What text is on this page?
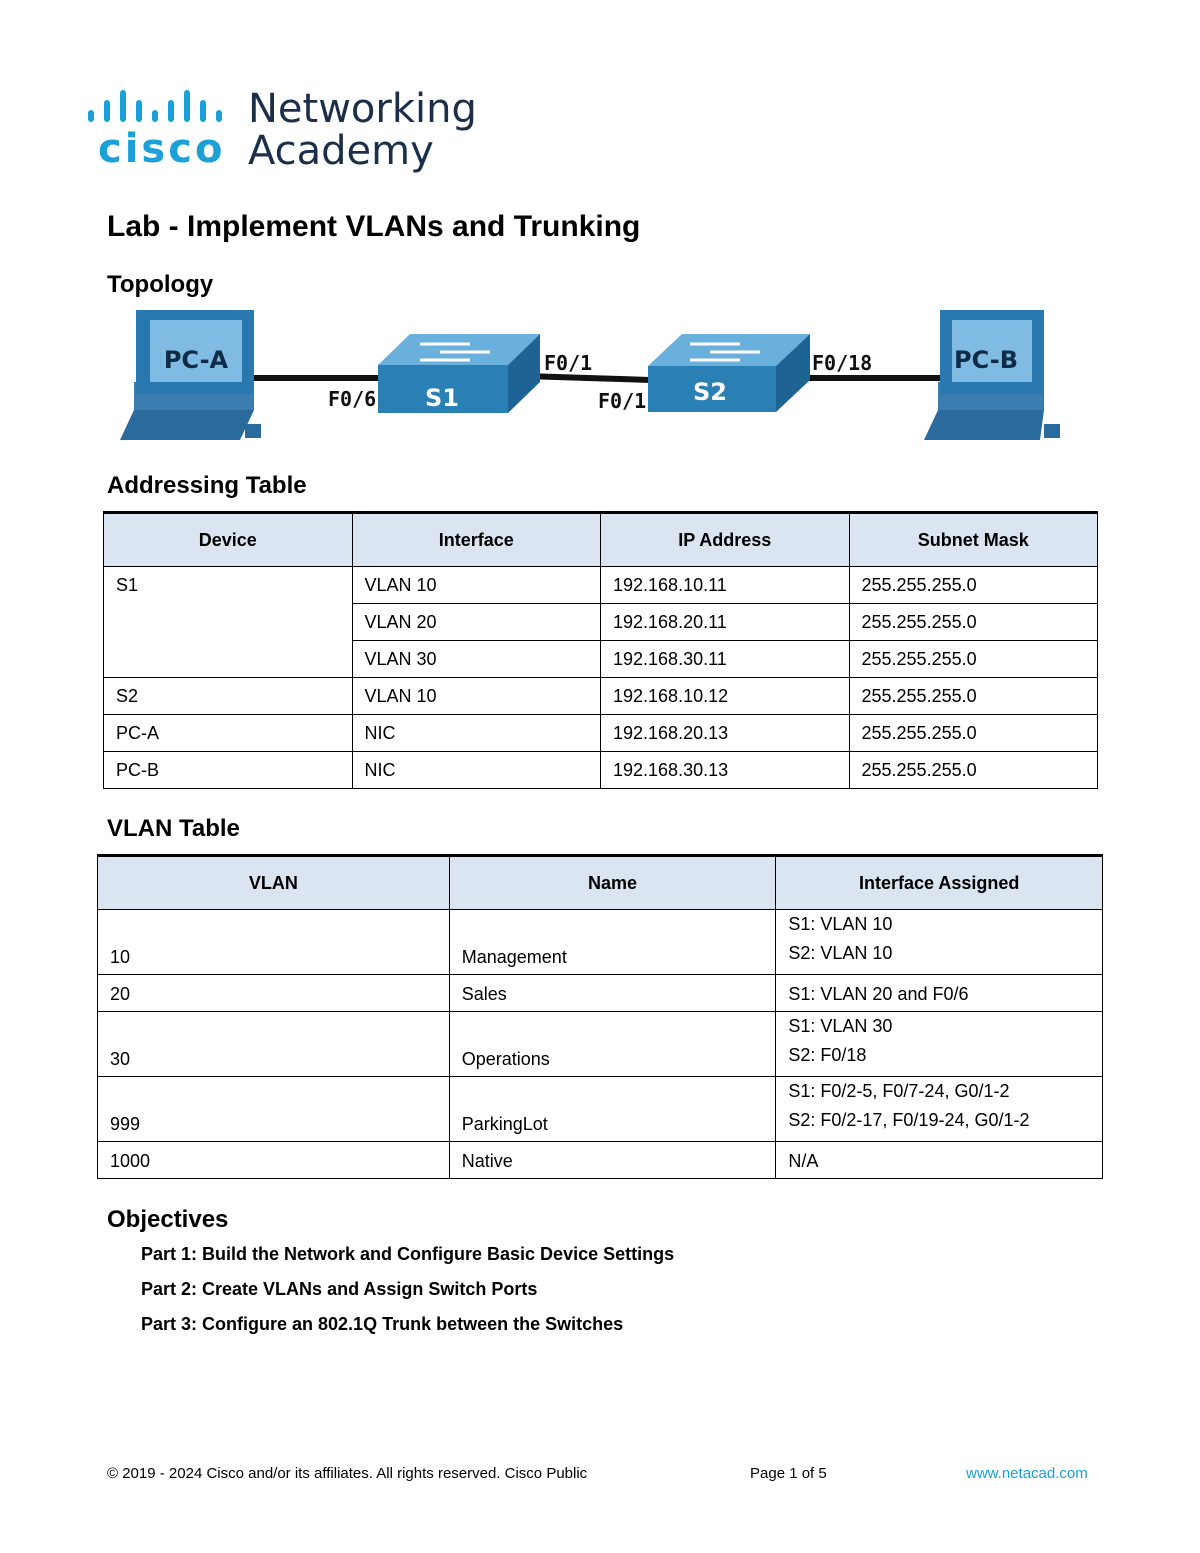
cisco
Networking
Academy
Lab - Implement VLANs and Trunking
Topology
PC-A
S1	S2
PC-B
F0/6
F0/1
F0/1
F0/18
Addressing Table
Device	Interface	IP Address	Subnet Mask
S1	VLAN 10	192.168.10.11	255.255.255.0
	VLAN 20	192.168.20.11	255.255.255.0
	VLAN 30	192.168.30.11	255.255.255.0
S2	VLAN 10	192.168.10.12	255.255.255.0
PC-A	NIC	192.168.20.13	255.255.255.0
PC-B	NIC	192.168.30.13	255.255.255.0
VLAN Table
VLAN	Name	Interface Assigned
10	Management	S1: VLAN 10
S2: VLAN 10

20	Sales	S1: VLAN 20 and F0/6
30	Operations	S1: VLAN 30
S2: F0/18

999	ParkingLot	S1: F0/2-5, F0/7-24, G0/1-2
S2: F0/2-17, F0/19-24, G0/1-2

1000	Native	N/A
Objectives
Part 1: Build the Network and Configure Basic Device Settings
Part 2: Create VLANs and Assign Switch Ports
Part 3: Configure an 802.1Q Trunk between the Switches
© 2019 - 2024 Cisco and/or its affiliates. All rights reserved. Cisco Public	Page 1 of 5	www.netacad.com
